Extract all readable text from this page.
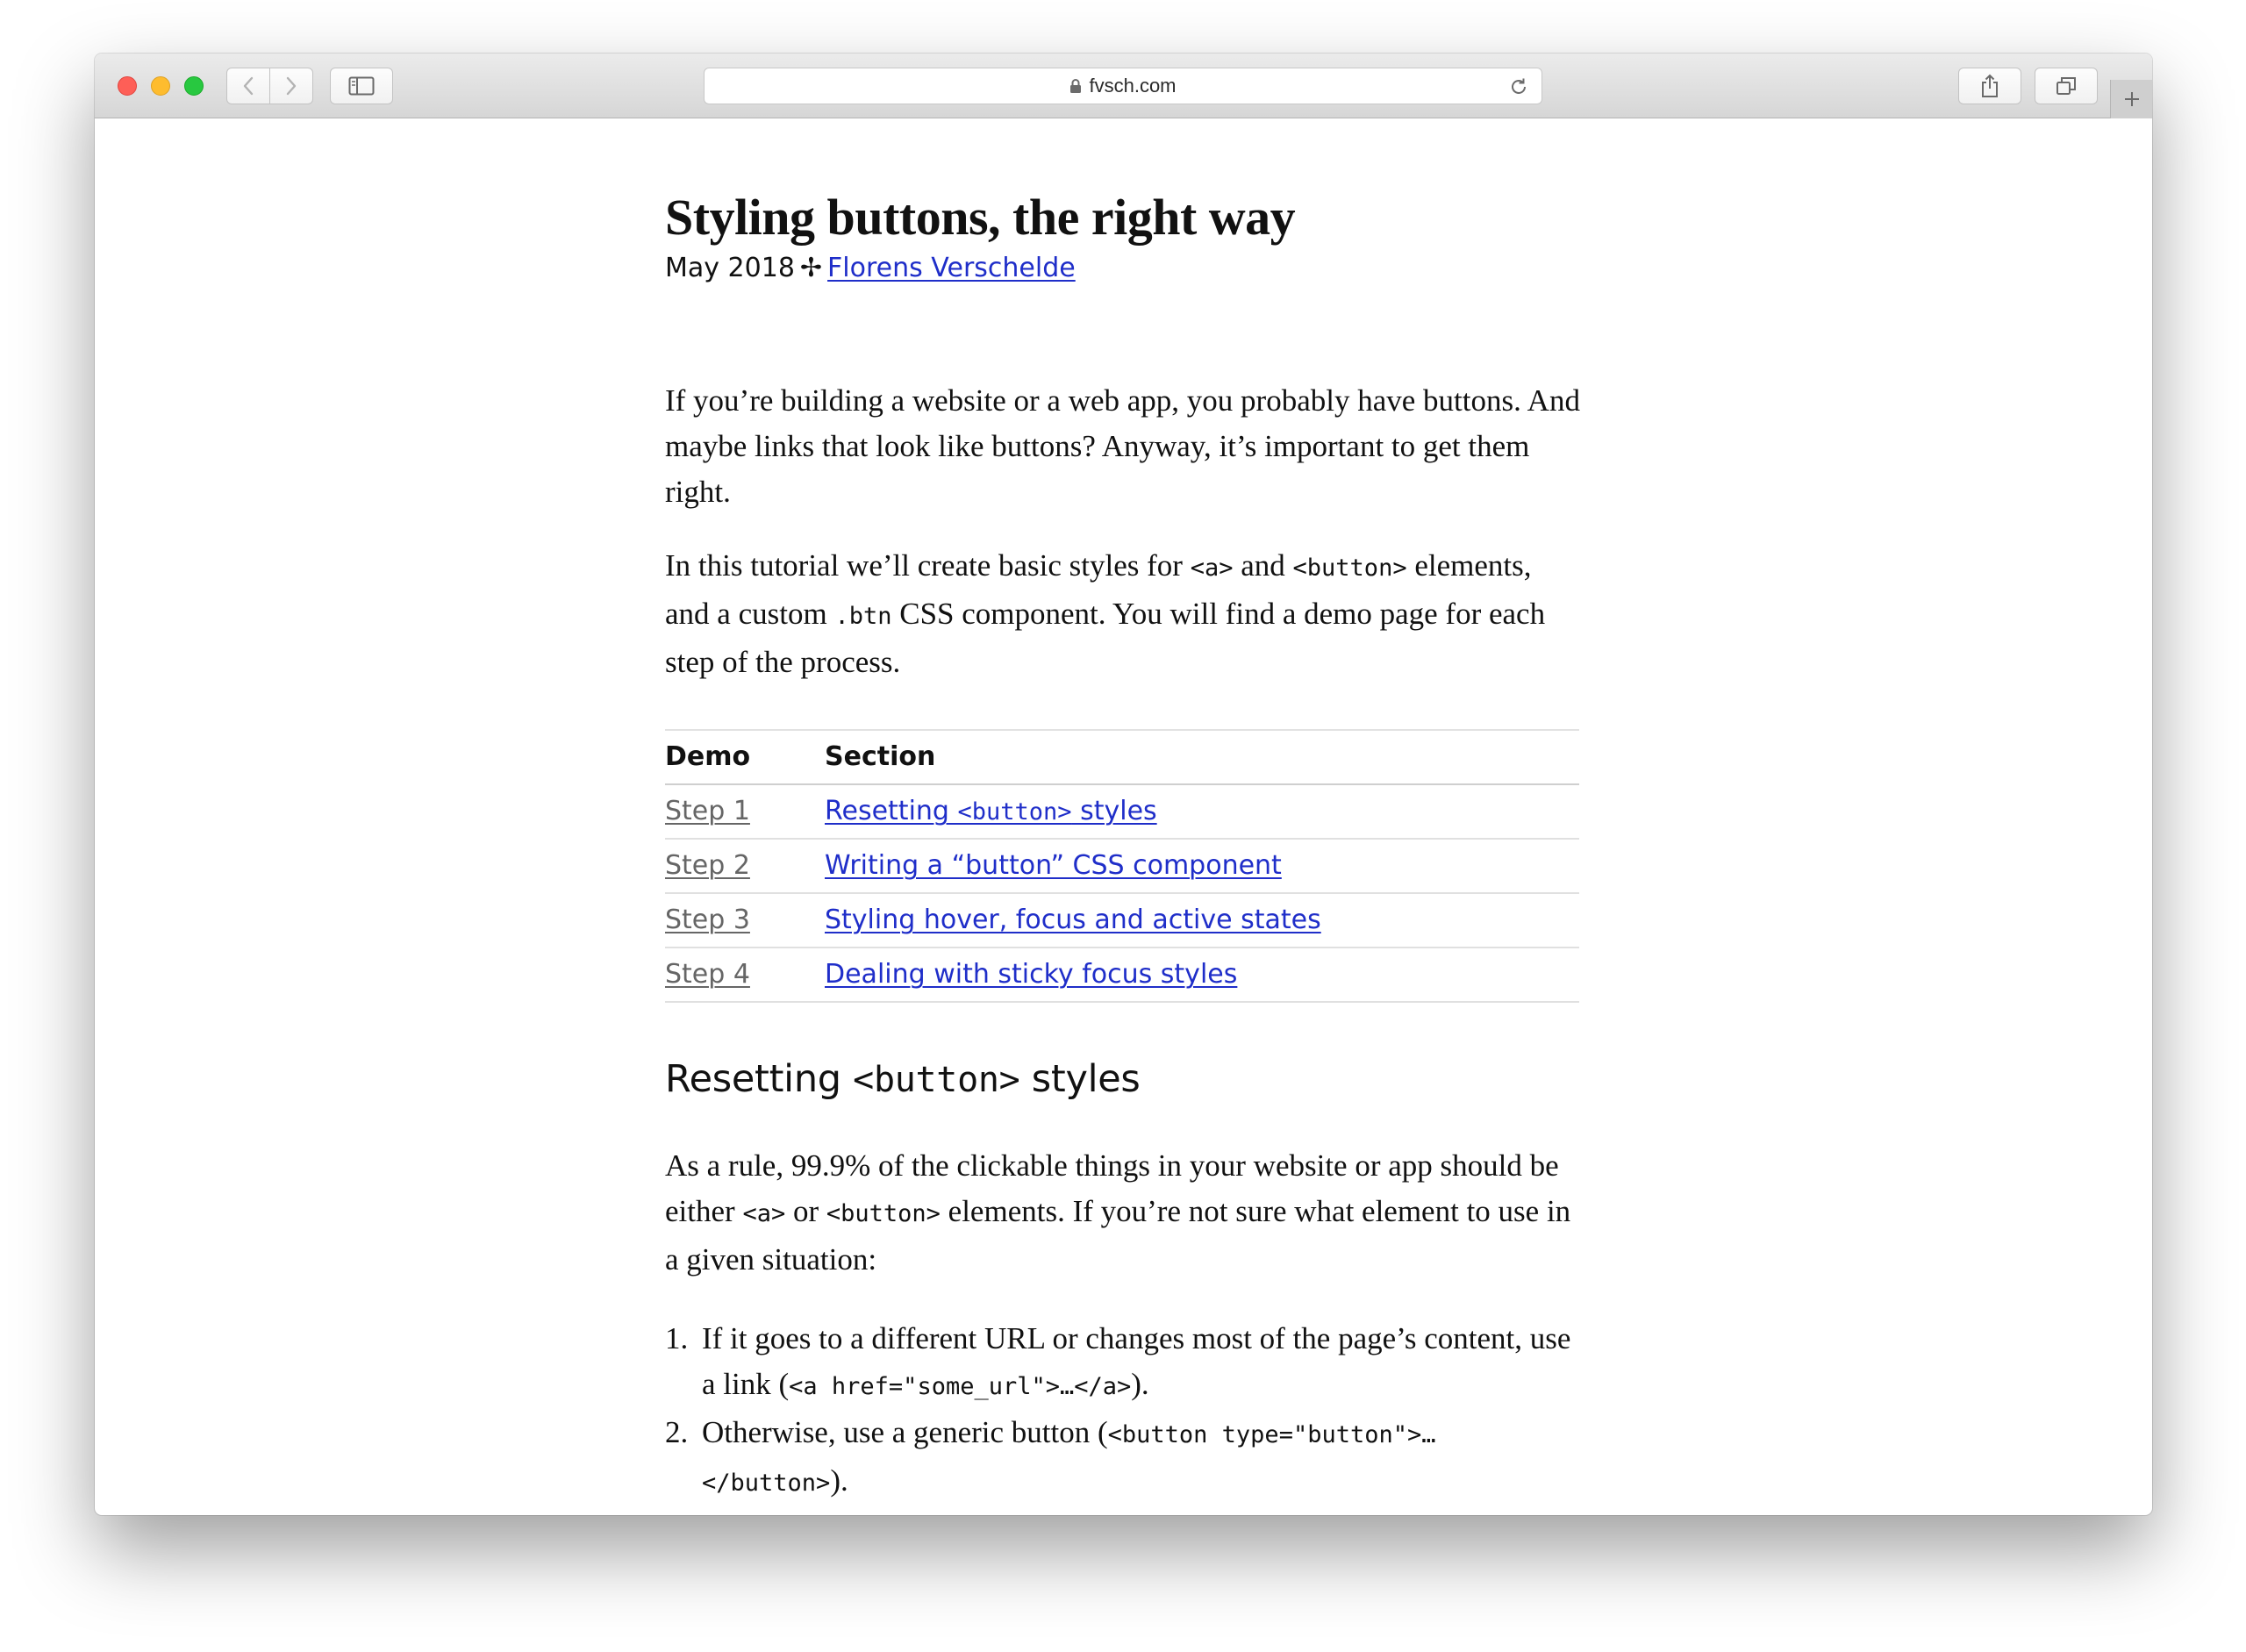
fvsch.com
Styling buttons, the right way
May 2018 ✢ Florens Verschelde

If you’re building a website or a web app, you probably have buttons. And maybe links that look like buttons? Anyway, it’s important to get them right.

In this tutorial we’ll create basic styles for <a> and <button> elements, and a custom .btn CSS component. You will find a demo page for each step of the process.

Demo	Section
Step 1	Resetting <button> styles
Step 2	Writing a “button” CSS component
Step 3	Styling hover, focus and active states
Step 4	Dealing with sticky focus styles
Resetting <button> styles

As a rule, 99.9% of the clickable things in your website or app should be either <a> or <button> elements. If you’re not sure what element to use in a given situation:

1. If it goes to a different URL or changes most of the page’s content, use a link (<a href="some_url">…</a>).
2. Otherwise, use a generic button (<button type="button">…</button>).
